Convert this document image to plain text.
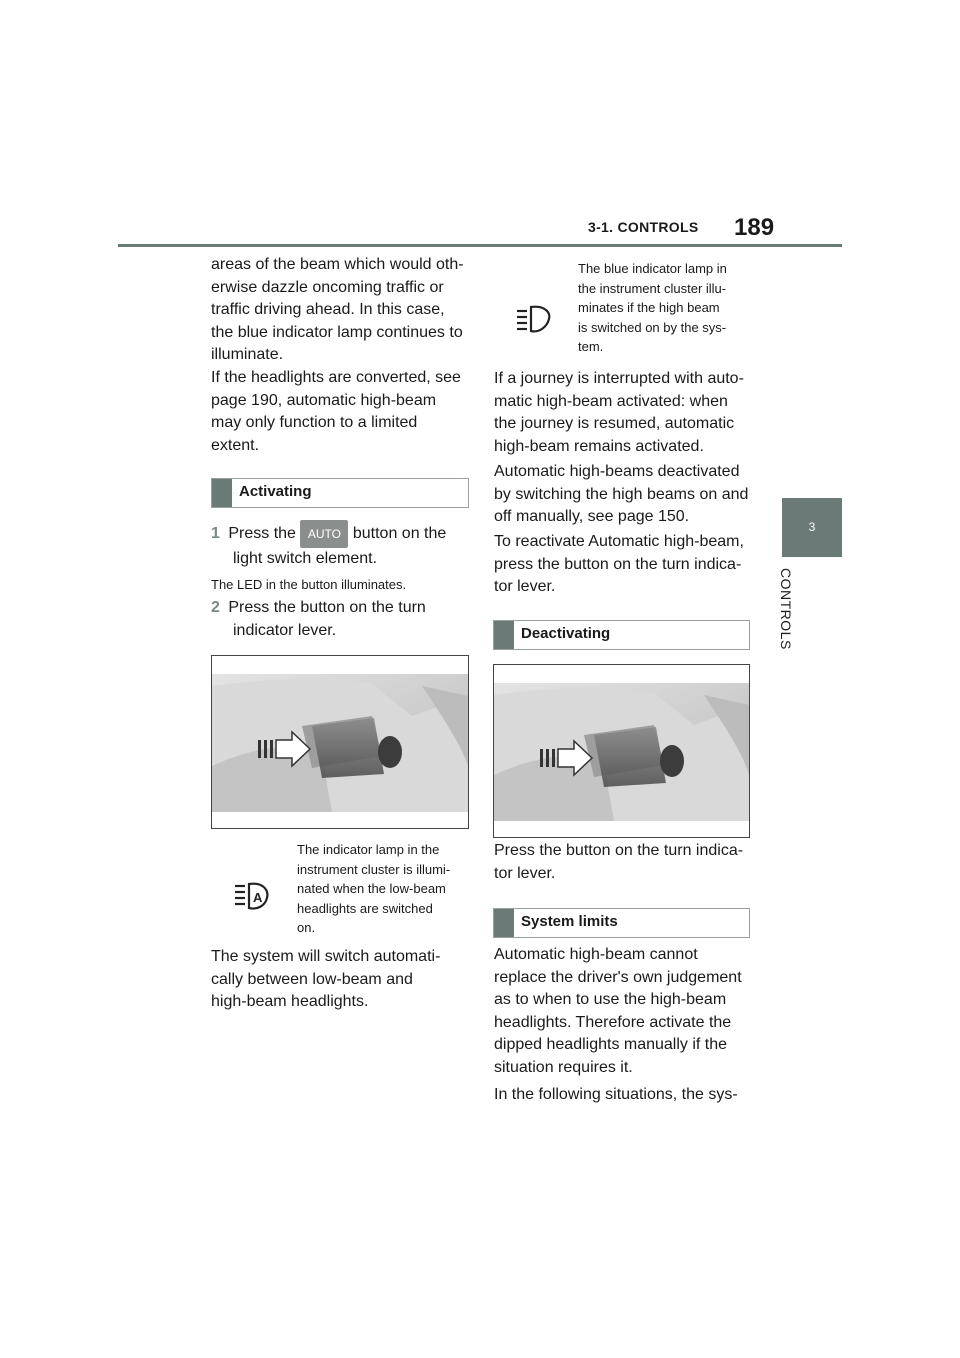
3-1. CONTROLS 189
3
CONTROLS

areas of the beam which would oth-
erwise dazzle oncoming traffic or
traffic driving ahead. In this case,
the blue indicator lamp continues to
illuminate.

If the headlights are converted, see
page 190, automatic high-beam
may only function to a limited
extent.

Activating
1 Press the AUTO button on the
light switch element.
The LED in the button illuminates.
2 Press the button on the turn
indicator lever.
A
The indicator lamp in the
instrument cluster is illumi-
nated when the low-beam
headlights are switched
on.

The system will switch automati-
cally between low-beam and
high-beam headlights.

The blue indicator lamp in
the instrument cluster illu-
minates if the high beam
is switched on by the sys-
tem.

If a journey is interrupted with auto-
matic high-beam activated: when
the journey is resumed, automatic
high-beam remains activated.

Automatic high-beams deactivated
by switching the high beams on and
off manually, see page 150.

To reactivate Automatic high-beam,
press the button on the turn indica-
tor lever.

Deactivating

Press the button on the turn indica-
tor lever.

System limits

Automatic high-beam cannot
replace the driver's own judgement
as to when to use the high-beam
headlights. Therefore activate the
dipped headlights manually if the
situation requires it.

In the following situations, the sys-
